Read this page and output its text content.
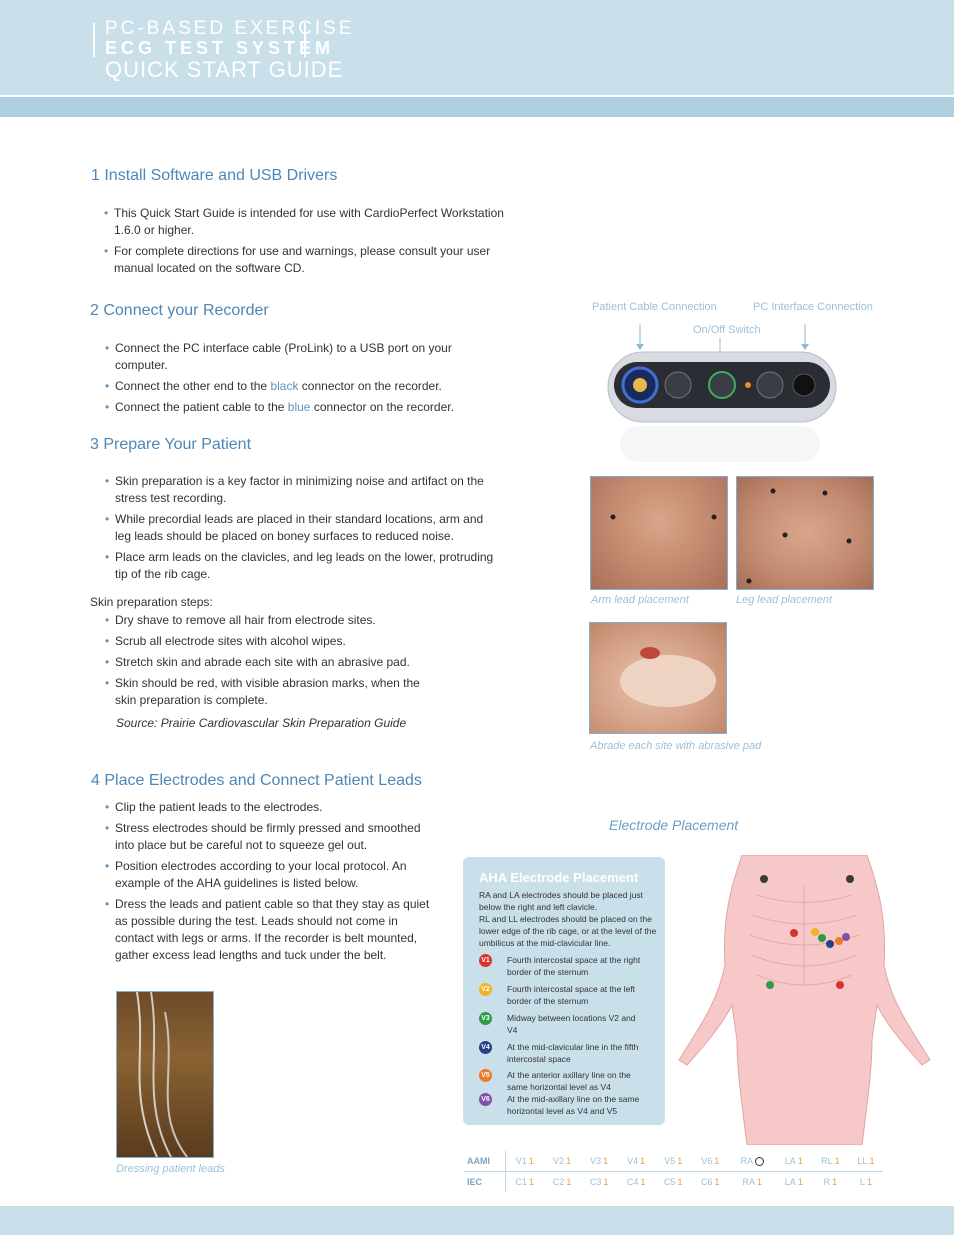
PC-BASED EXERCISE
ECG TEST SYSTEM
QUICK START GUIDE
1 Install Software and USB Drivers
• This Quick Start Guide is intended for use with CardioPerfect Workstation 1.6.0 or higher.
• For complete directions for use and warnings, please consult your user manual located on the software CD.
2 Connect your Recorder
• Connect the PC interface cable (ProLink) to a USB port on your computer.
• Connect the other end to the black connector on the recorder.
• Connect the patient cable to the blue connector on the recorder.
Patient Cable Connection	PC Interface Connection
On/Off Switch
3 Prepare Your Patient
• Skin preparation is a key factor in minimizing noise and artifact on the stress test recording.
• While precordial leads are placed in their standard locations, arm and leg leads should be placed on boney surfaces to reduced noise.
• Place arm leads on the clavicles, and leg leads on the lower, protruding tip of the rib cage.
Skin preparation steps:
• Dry shave to remove all hair from electrode sites.
• Scrub all electrode sites with alcohol wipes.
• Stretch skin and abrade each site with an abrasive pad.
• Skin should be red, with visible abrasion marks, when the skin preparation is complete.
Source: Prairie Cardiovascular Skin Preparation Guide
Arm lead placement	Leg lead placement
Abrade each site with abrasive pad
4 Place Electrodes and Connect Patient Leads
• Clip the patient leads to the electrodes.
• Stress electrodes should be firmly pressed and smoothed into place but be careful not to squeeze gel out.
• Position electrodes according to your local protocol. An example of the AHA guidelines is listed below.
• Dress the leads and patient cable so that they stay as quiet as possible during the test. Leads should not come in contact with legs or arms. If the recorder is belt mounted, gather excess lead lengths and tuck under the belt.
Dressing patient leads
Electrode Placement
AHA Electrode Placement
RA and LA electrodes should be placed just below the right and left clavicle.
RL and LL electrodes should be placed on the lower edge of the rib cage, or at the level of the umbilicus at the mid-clavicular line.
V1 Fourth intercostal space at the right border of the sternum
V2 Fourth intercostal space at the left border of the sternum
V3 Midway between locations V2 and V4
V4 At the mid-clavicular line in the fifth intercostal space
V5 At the anterior axillary line on the same horizontal level as V4
V6 At the mid-axillary line on the same horizontal level as V4 and V5
AAMI	V1 1	V2 1	V3 1	V4 1	V5 1	V6 1	RA	LA 1	RL 1	LL 1
IEC	C1 1	C2 1	C3 1	C4 1	C5 1	C6 1	RA 1	LA 1	R 1	L 1
